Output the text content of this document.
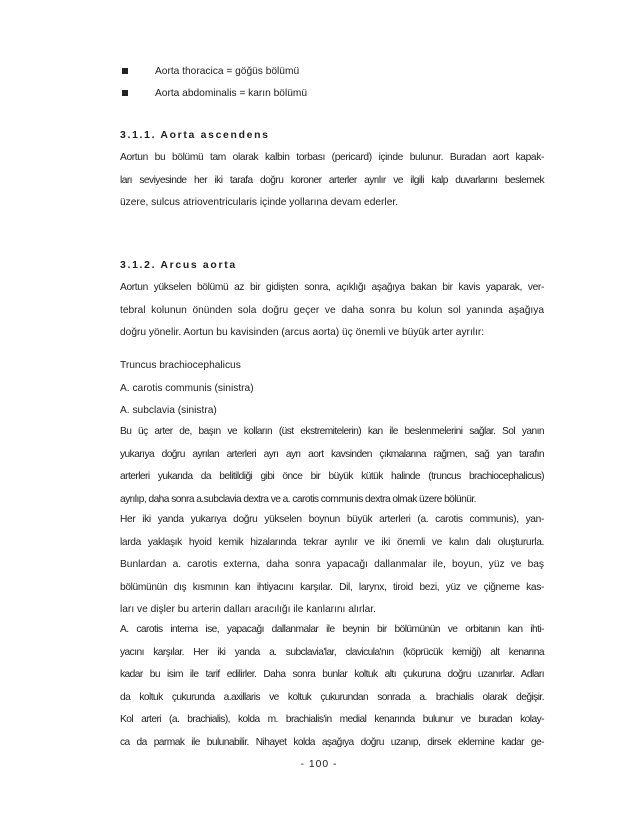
Aorta thoracica = göğüs bölümü
Aorta abdominalis = karın bölümü
3.1.1. Aorta ascendens
Aortun bu bölümü tam olarak kalbin torbası (pericard) içinde bulunur. Buradan aort kapak-
ları seviyesinde her iki tarafa doğru koroner arterler ayrılır ve ilgili kalp duvarlarını beslemek
üzere, sulcus atrioventricularis içinde yollarına devam ederler.
3.1.2. Arcus aorta
Aortun yükselen bölümü az bir gidişten sonra, açıklığı aşağıya bakan bir kavis yaparak, ver-
tebral kolunun önünden sola doğru geçer ve daha sonra bu kolun sol yanında aşağıya
doğru yönelir. Aortun bu kavisinden (arcus aorta) üç önemli ve büyük arter ayrılır:
Truncus brachiocephalicus
A. carotis communis (sinistra)
A. subclavia (sinistra)
Bu üç arter de, başın ve kolların (üst ekstremitelerin) kan ile beslenmelerini sağlar. Sol yanın
yukarıya doğru ayrılan arterleri ayrı ayrı aort kavsinden çıkmalarına rağmen, sağ yan tarafın
arterleri yukarıda da belitildiği gibi önce bir büyük kütük halinde (truncus brachiocephalicus)
ayrılıp, daha sonra a.subclavia dextra ve a. carotis communis dextra olmak üzere bölünür.
Her iki yanda yukarıya doğru yükselen boynun büyük arterleri (a. carotis communis), yan-
larda yaklaşık hyoid kemik hizalarında tekrar ayrılır ve iki önemli ve kalın dalı oluştururla.
Bunlardan a. carotis externa, daha sonra yapacağı dallanmalar ile, boyun, yüz ve baş
bölümünün dış kısmının kan ihtiyacını karşılar. Dil, larynx, tiroid bezi, yüz ve çiğneme kas-
ları ve dişler bu arterin dalları aracılığı ile kanlarını alırlar.
A. carotis interna ise, yapacağı dallanmalar ile beynin bir bölümünün ve orbitanın kan ihti-
yacını karşılar. Her iki yanda a. subclavia'lar, clavicula'nın (köprücük kemiği) alt kenarına
kadar bu isim ile tarif edilirler. Daha sonra bunlar koltuk altı çukuruna doğru uzanırlar. Adları
da koltuk çukurunda a.axillaris ve koltuk çukurundan sonrada a. brachialis olarak değişir.
Kol arteri (a. brachialis), kolda m. brachialis'in medial kenarında bulunur ve buradan kolay-
ca da parmak ile bulunabilir. Nihayet kolda aşağıya doğru uzanıp, dirsek eklemine kadar ge-
- 100 -
